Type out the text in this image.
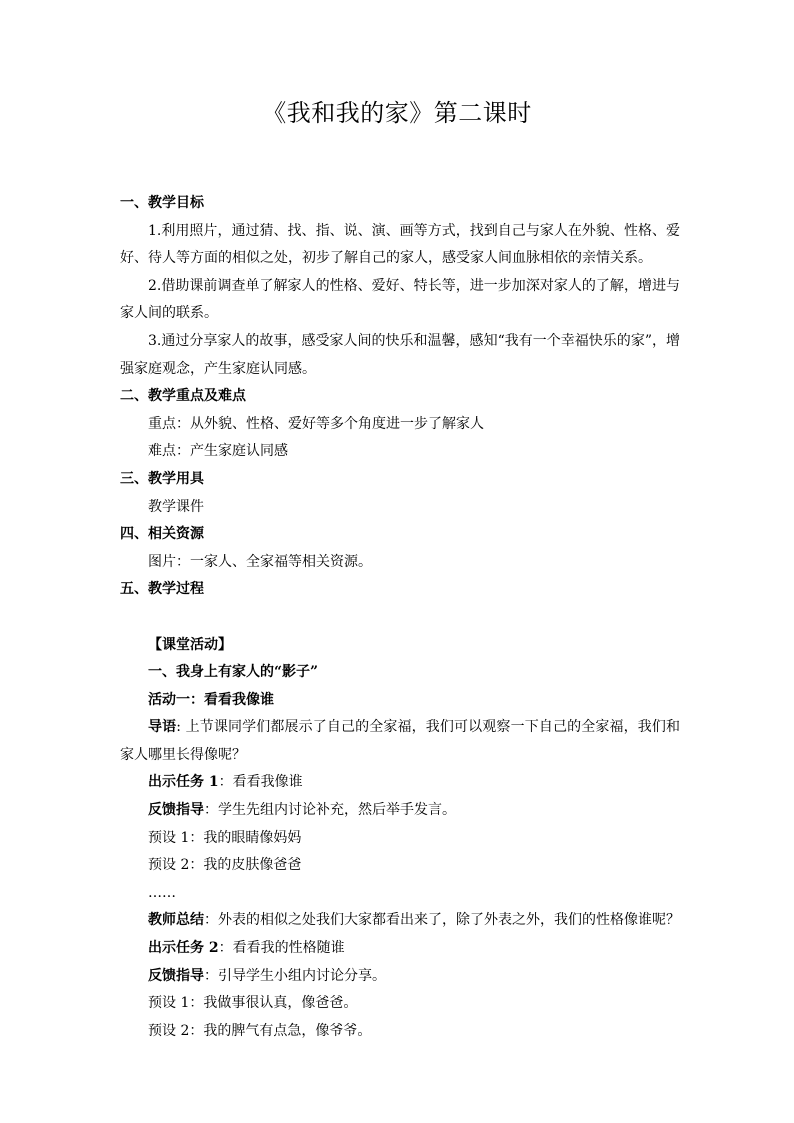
《我和我的家》第二课时

一、教学目标

1.利用照片，通过猜、找、指、说、演、画等方式，找到自己与家人在外貌、性格、爱好、待人等方面的相似之处，初步了解自己的家人，感受家人间血脉相依的亲情关系。

2.借助课前调查单了解家人的性格、爱好、特长等，进一步加深对家人的了解，增进与家人间的联系。

3.通过分享家人的故事，感受家人间的快乐和温馨，感知“我有一个幸福快乐的家”，增强家庭观念，产生家庭认同感。

二、教学重点及难点

重点：从外貌、性格、爱好等多个角度进一步了解家人

难点：产生家庭认同感

三、教学用具

教学课件

四、相关资源

图片：一家人、全家福等相关资源。

五、教学过程

【课堂活动】

一、我身上有家人的“影子”

活动一：看看我像谁

导语: 上节课同学们都展示了自己的全家福，我们可以观察一下自己的全家福，我们和家人哪里长得像呢？

出示任务 1：看看我像谁

反馈指导：学生先组内讨论补充，然后举手发言。

预设 1：我的眼睛像妈妈

预设 2：我的皮肤像爸爸

……

教师总结：外表的相似之处我们大家都看出来了，除了外表之外，我们的性格像谁呢？

出示任务 2：看看我的性格随谁

反馈指导：引导学生小组内讨论分享。

预设 1：我做事很认真，像爸爸。

预设 2：我的脾气有点急，像爷爷。
